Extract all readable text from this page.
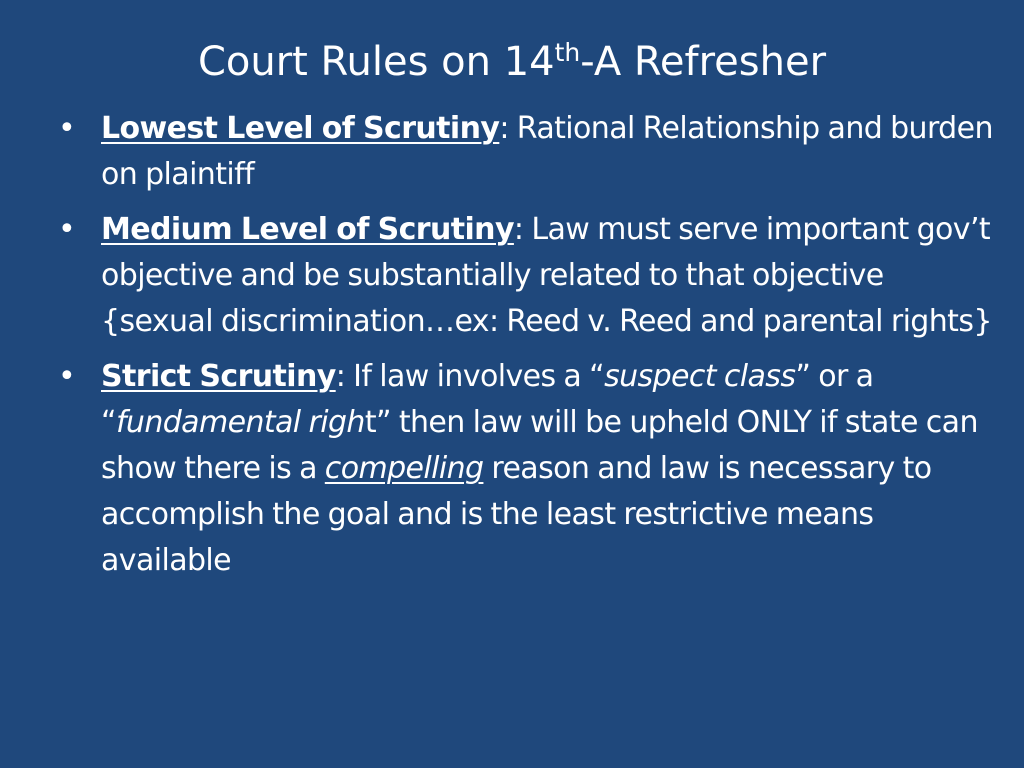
Court Rules on 14th-A Refresher
• Lowest Level of Scrutiny: Rational Relationship and burden on plaintiff
• Medium Level of Scrutiny: Law must serve important gov’t objective and be substantially related to that objective {sexual discrimination…ex: Reed v. Reed and parental rights}
• Strict Scrutiny: If law involves a “suspect class” or a “fundamental right” then law will be upheld ONLY if state can show there is a compelling reason and law is necessary to accomplish the goal and is the least restrictive means available
